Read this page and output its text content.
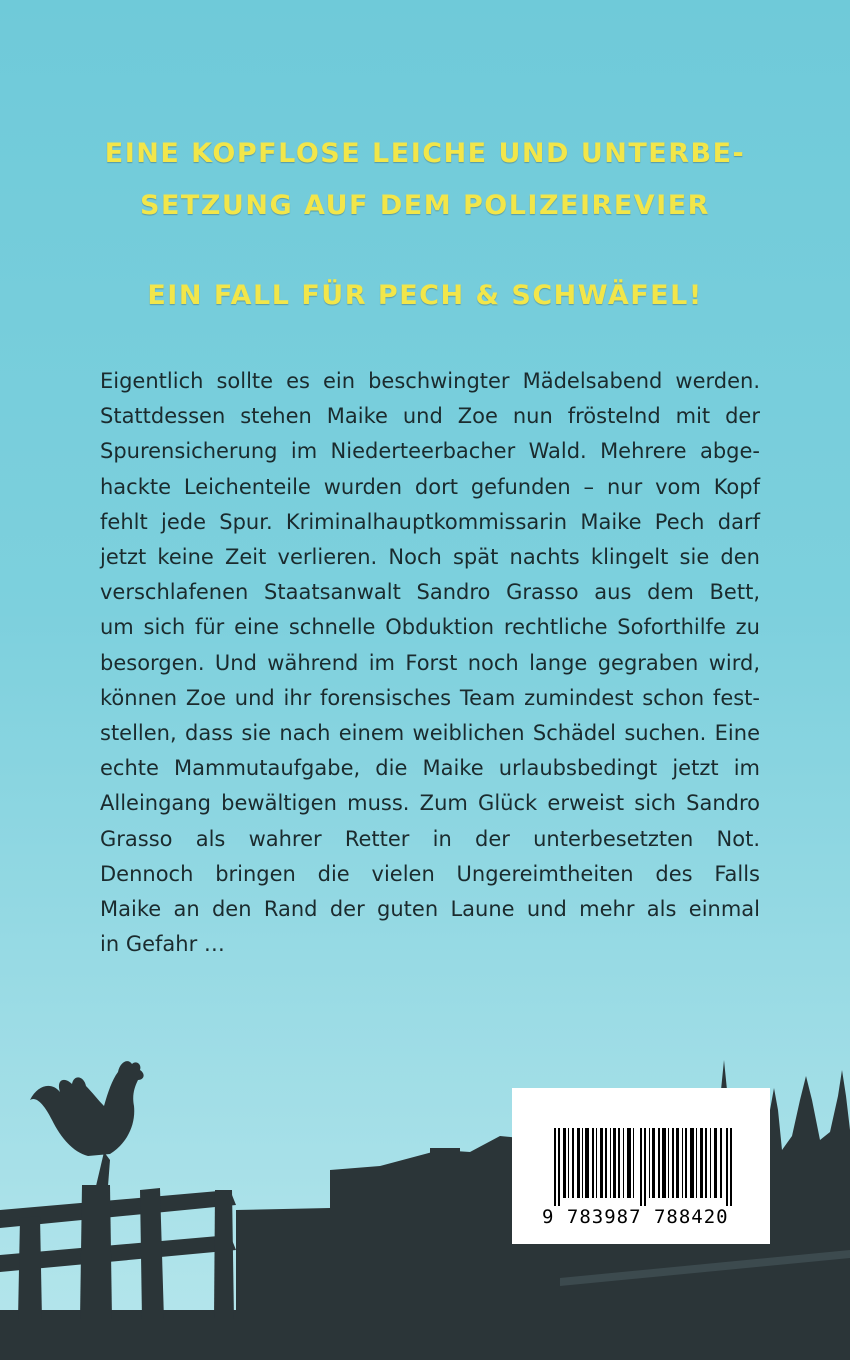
EINE KOPFLOSE LEICHE UND UNTERBE-
SETZUNG AUF DEM POLIZEIREVIER
EIN FALL FÜR PECH & SCHWÄFEL!
Eigentlich sollte es ein beschwingter Mädelsabend werden.
Stattdessen stehen Maike und Zoe nun fröstelnd mit der
Spurensicherung im Niederteerbacher Wald. Mehrere abge-
hackte Leichenteile wurden dort gefunden – nur vom Kopf
fehlt jede Spur. Kriminalhauptkommissarin Maike Pech darf
jetzt keine Zeit verlieren. Noch spät nachts klingelt sie den
verschlafenen Staatsanwalt Sandro Grasso aus dem Bett,
um sich für eine schnelle Obduktion rechtliche Soforthilfe zu
besorgen. Und während im Forst noch lange gegraben wird,
können Zoe und ihr forensisches Team zumindest schon fest-
stellen, dass sie nach einem weiblichen Schädel suchen. Eine
echte Mammutaufgabe, die Maike urlaubsbedingt jetzt im
Alleingang bewältigen muss. Zum Glück erweist sich Sandro
Grasso als wahrer Retter in der unterbesetzten Not.
Dennoch bringen die vielen Ungereimtheiten des Falls
Maike an den Rand der guten Laune und mehr als einmal
in Gefahr …
9 783987 788420
